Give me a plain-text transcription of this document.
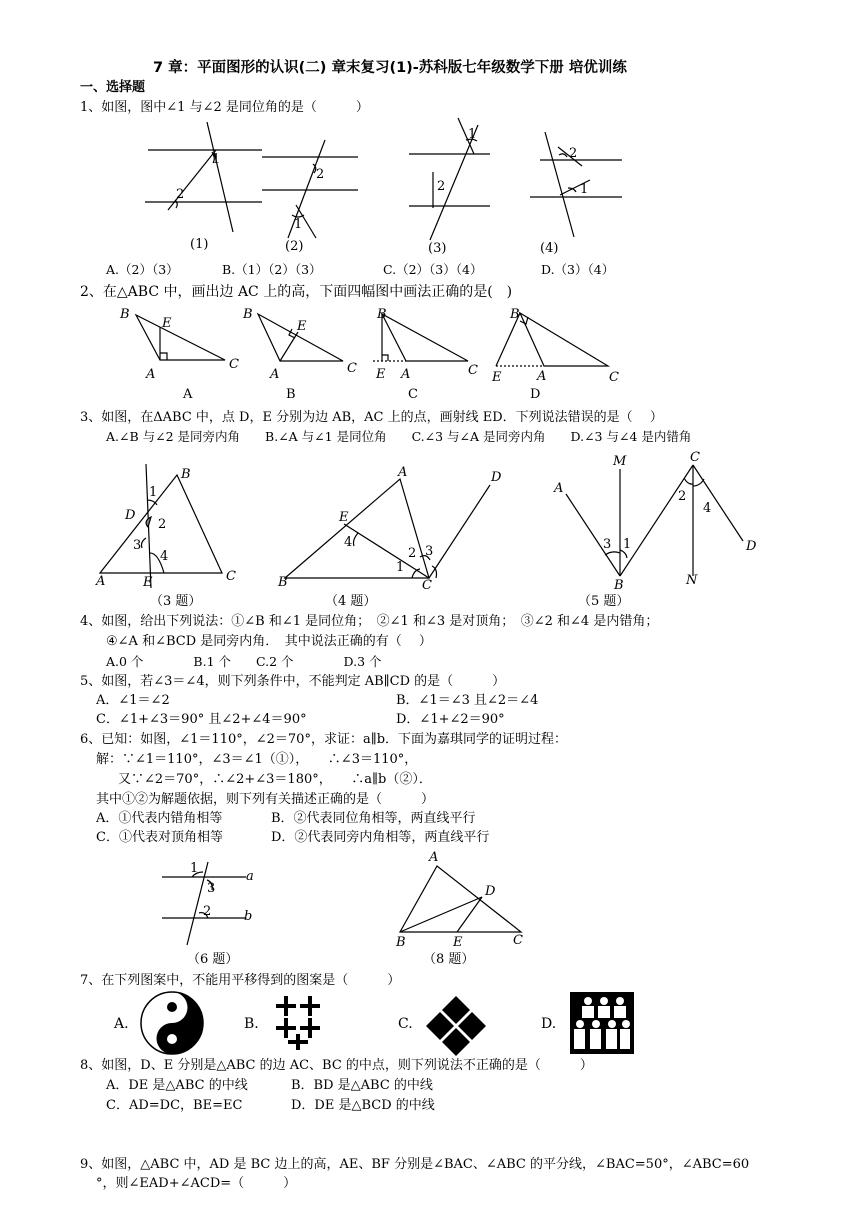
7 章：平面图形的认识(二) 章末复习(1)-苏科版七年级数学下册 培优训练
一、选择题
1、如图，图中∠1 与∠2 是同位角的是（　　　）
A.（2）（3）	B.（1）（2）（3）	C.（2）（3）（4）	D.（3）（4）
2、在△ABC 中，画出边 AC 上的高，下面四幅图中画法正确的是(　)
3、如图，在ΔABC 中，点 D，E 分别为边 AB，AC 上的点，画射线 ED．下列说法错误的是（　 ）
A.∠B 与∠2 是同旁内角　　B.∠A 与∠1 是同位角　　C.∠3 与∠A 是同旁内角　　D.∠3 与∠4 是内错角
（3 题）	（4 题）	（5 题）
4、如图，给出下列说法：①∠B 和∠1 是同位角；　②∠1 和∠3 是对顶角；　③∠2 和∠4 是内错角；
④∠A 和∠BCD 是同旁内角．　其中说法正确的有（　 ）
A.0 个　　　　B.1 个　　C.2 个　　　　D.3 个
5、如图，若∠3＝∠4，则下列条件中，不能判定 AB∥CD 的是（　　　）
A．∠1＝∠2	B．∠1＝∠3 且∠2＝∠4
C．∠1+∠3＝90° 且∠2+∠4＝90°	D．∠1+∠2＝90°
6、已知：如图，∠1＝110°，∠2＝70°，求证：a∥b．下面为嘉琪同学的证明过程：
解：∵∠1＝110°，∠3＝∠1（①），　　∴∠3＝110°，
又∵∠2＝70°，∴∠2+∠3＝180°，　　∴a∥b（②）．
其中①②为解题依据，则下列有关描述正确的是（　　　）
A．①代表内错角相等	B．②代表同位角相等，两直线平行
C．①代表对顶角相等	D．②代表同旁内角相等，两直线平行
（6 题）	（8 题）
7、在下列图案中，不能用平移得到的图案是（　　　）
A.	B.	C.	D.
8、如图，D、E 分别是△ABC 的边 AC、BC 的中点，则下列说法不正确的是（　　　）
A．DE 是△ABC 的中线	B．BD 是△ABC 的中线
C．AD=DC，BE=EC	D．DE 是△BCD 的中线
9、如图，△ABC 中，AD 是 BC 边上的高，AE、BF 分别是∠BAC、∠ABC 的平分线，∠BAC=50°，∠ABC=60
°，则∠EAD+∠ACD=（　　　）
1
2
(1)
2
1
(2)
1
2
(3)
2
1
(4)
B
E
A
C
A
B
E
A	C
B
B
E A	C
C
B
E	A	C
D
B
1
D
2
3
4
A	E	C
A	D
E
4
2 3
1
B	C
M	C
A
2
4
D
3 1
B	N
1
3
2
a
b
A
D
B	E	C
